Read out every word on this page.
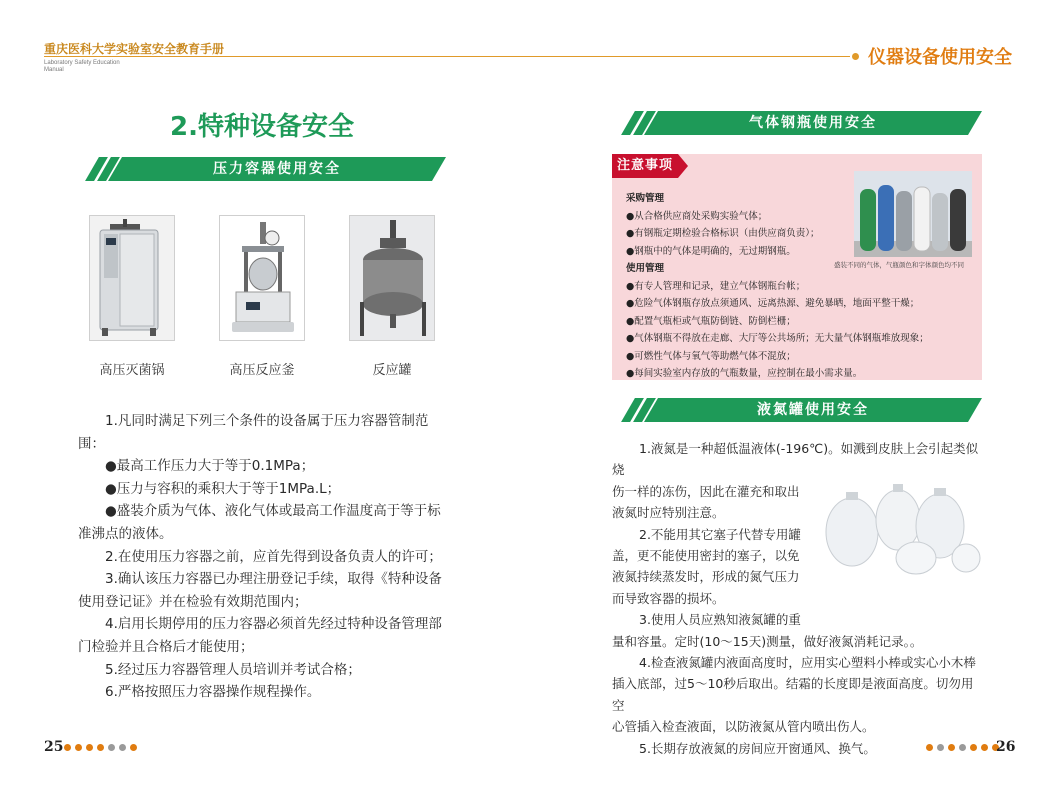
重庆医科大学实验室安全教育手册
Laboratory Safety Education
Manual
仪器设备使用安全
2.特种设备安全
压力容器使用安全
高压灭菌锅	高压反应釜	反应罐

1.凡同时满足下列三个条件的设备属于压力容器管制范围：

●最高工作压力大于等于0.1MPa；

●压力与容积的乘积大于等于1MPa.L；

●盛装介质为气体、液化气体或最高工作温度高于等于标准沸点的液体。

2.在使用压力容器之前，应首先得到设备负责人的许可；

3.确认该压力容器已办理注册登记手续，取得《特种设备使用登记证》并在检验有效期范围内；

4.启用长期停用的压力容器必须首先经过特种设备管理部门检验并且合格后才能使用；

5.经过压力容器管理人员培训并考试合格；

6.严格按照压力容器操作规程操作。

25
气体钢瓶使用安全
注意事项
盛装不同的气体，气瓶颜色和字体颜色均不同
采购管理
●从合格供应商处采购实验气体；
●有钢瓶定期检验合格标识（由供应商负责）；
●钢瓶中的气体是明确的，无过期钢瓶。
使用管理
●有专人管理和记录，建立气体钢瓶台帐；
●危险气体钢瓶存放点须通风、远离热源、避免暴晒，地面平整干燥；
●配置气瓶柜或气瓶防倒链、防倒栏栅；
●气体钢瓶不得放在走廊、大厅等公共场所；无大量气体钢瓶堆放现象；
●可燃性气体与氧气等助燃气体不混放；
●每间实验室内存放的气瓶数量，应控制在最小需求量。
液氮罐使用安全

1.液氮是一种超低温液体(-196℃)。如溅到皮肤上会引起类似烧

伤一样的冻伤，因此在灌充和取出

液氮时应特别注意。

2.不能用其它塞子代替专用罐

盖，更不能使用密封的塞子，以免

液氮持续蒸发时，形成的氮气压力

而导致容器的损坏。

3.使用人员应熟知液氮罐的重

量和容量。定时(10～15天)测量，做好液氮消耗记录。。

4.检查液氮罐内液面高度时，应用实心塑料小棒或实心小木棒

插入底部，过5～10秒后取出。结霜的长度即是液面高度。切勿用空

心管插入检查液面，以防液氮从管内喷出伤人。

5.长期存放液氮的房间应开窗通风、换气。	26
